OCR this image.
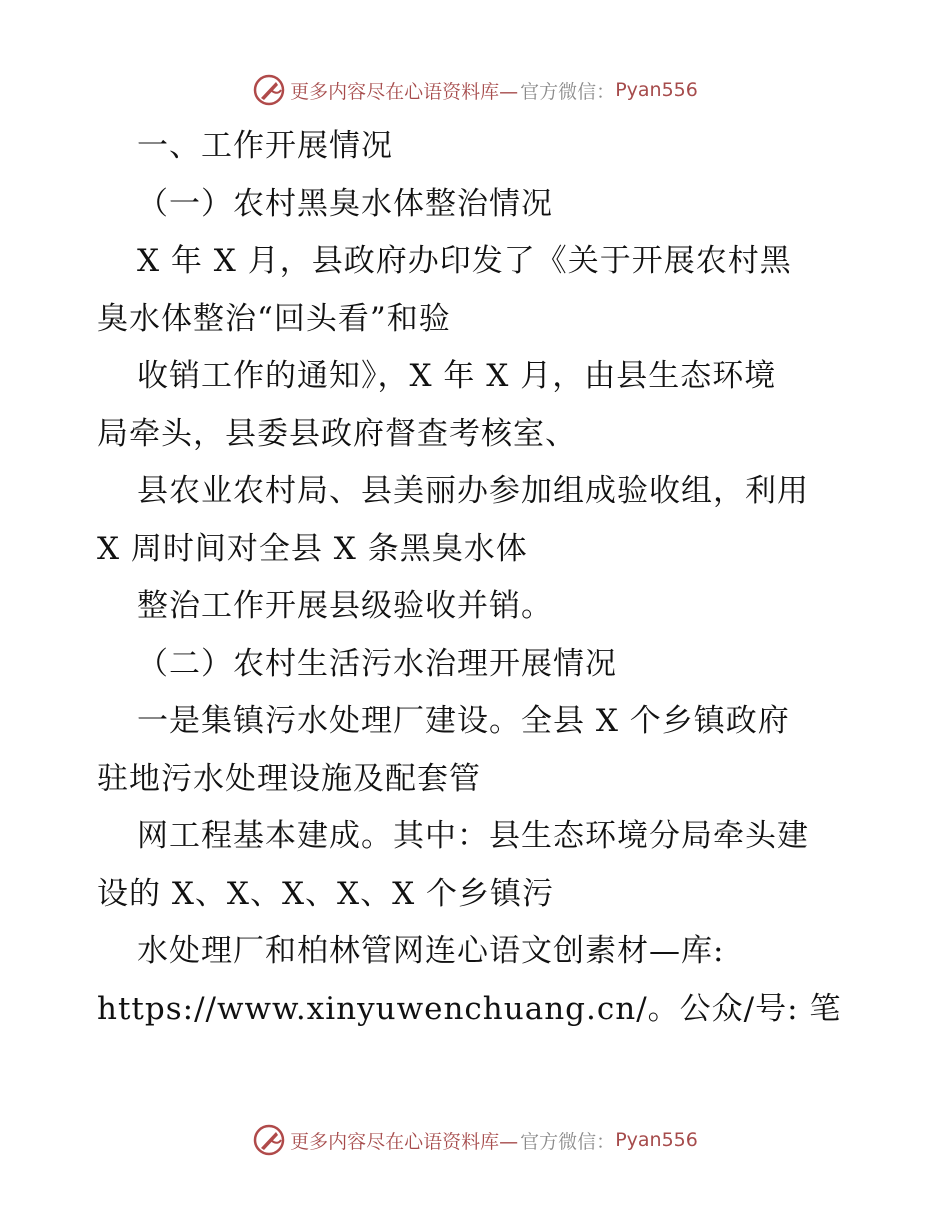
更多内容尽在心语资料库— 官方微信： Pyan556
一、工作开展情况
（一）农村黑臭水体整治情况
X 年 X 月，县政府办印发了《关于开展农村黑
臭水体整治“回头看”和验
收销工作的通知》，X 年 X 月，由县生态环境
局牵头，县委县政府督查考核室、
县农业农村局、县美丽办参加组成验收组，利用
X 周时间对全县 X 条黑臭水体
整治工作开展县级验收并销。
（二）农村生活污水治理开展情况
一是集镇污水处理厂建设。全县 X 个乡镇政府
驻地污水处理设施及配套管
网工程基本建成。其中：县生态环境分局牵头建
设的 X、X、X、X、X 个乡镇污
水处理厂和柏林管网连心语文创素材—库:
https://www.xinyuwenchuang.cn/。公众/号: 笔
更多内容尽在心语资料库— 官方微信： Pyan556
